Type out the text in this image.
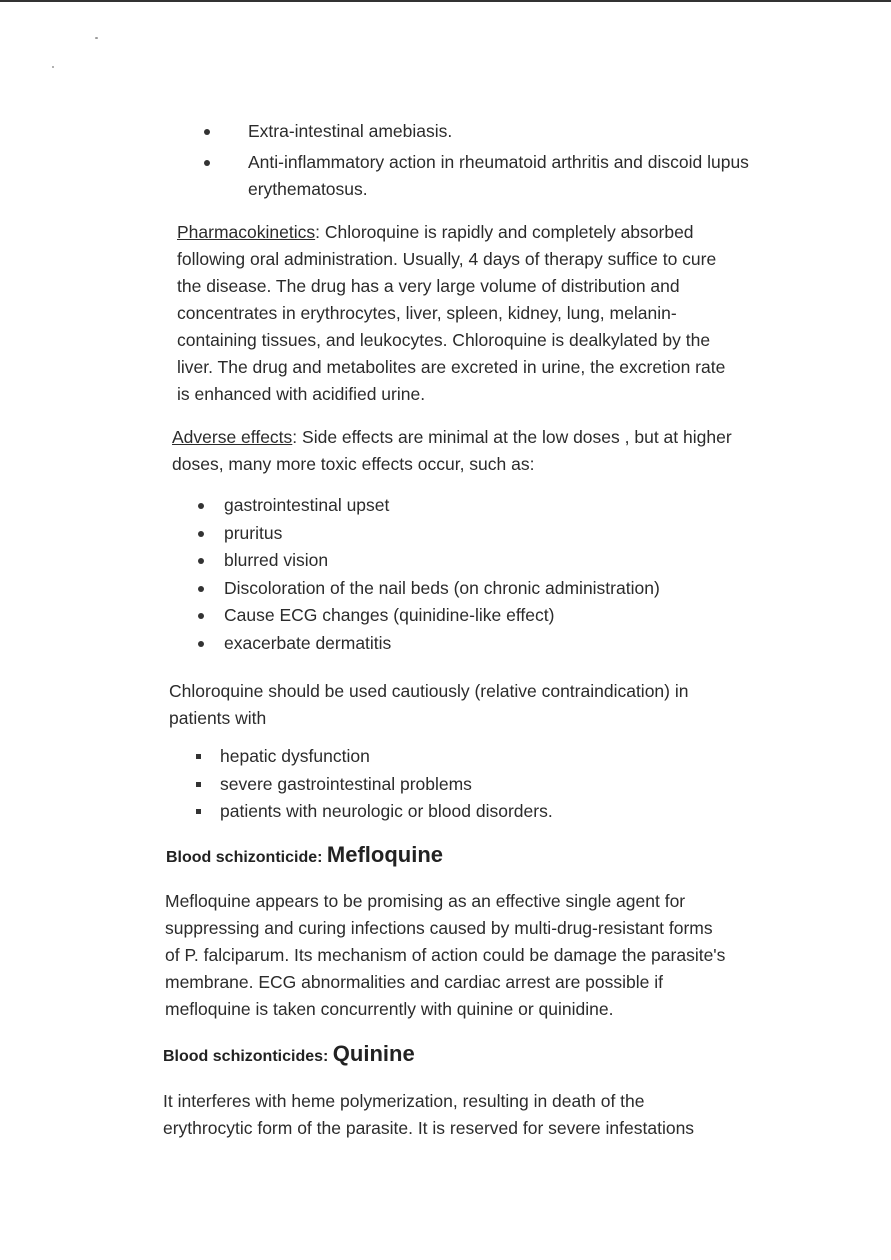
Extra-intestinal amebiasis.
Anti-inflammatory action in rheumatoid arthritis and discoid lupus
erythematosus.

Pharmacokinetics: Chloroquine is rapidly and completely absorbed

following oral administration. Usually, 4 days of therapy suffice to cure

the disease. The drug has a very large volume of distribution and

concentrates in erythrocytes, liver, spleen, kidney, lung, melanin-

containing tissues, and leukocytes. Chloroquine is dealkylated by the

liver. The drug and metabolites are excreted in urine, the excretion rate

is enhanced with acidified urine.

Adverse effects: Side effects are minimal at the low doses , but at higher

doses, many more toxic effects occur, such as:

gastrointestinal upset
pruritus
blurred vision
Discoloration of the nail beds (on chronic administration)
Cause ECG changes (quinidine-like effect)
exacerbate dermatitis

Chloroquine should be used cautiously (relative contraindication) in

patients with

hepatic dysfunction
severe gastrointestinal problems
patients with neurologic or blood disorders.
Blood schizonticide: Mefloquine

Mefloquine appears to be promising as an effective single agent for

suppressing and curing infections caused by multi-drug-resistant forms

of P. falciparum. Its mechanism of action could be damage the parasite's

membrane. ECG abnormalities and cardiac arrest are possible if

mefloquine is taken concurrently with quinine or quinidine.

Blood schizonticides: Quinine

It interferes with heme polymerization, resulting in death of the

erythrocytic form of the parasite. It is reserved for severe infestations
